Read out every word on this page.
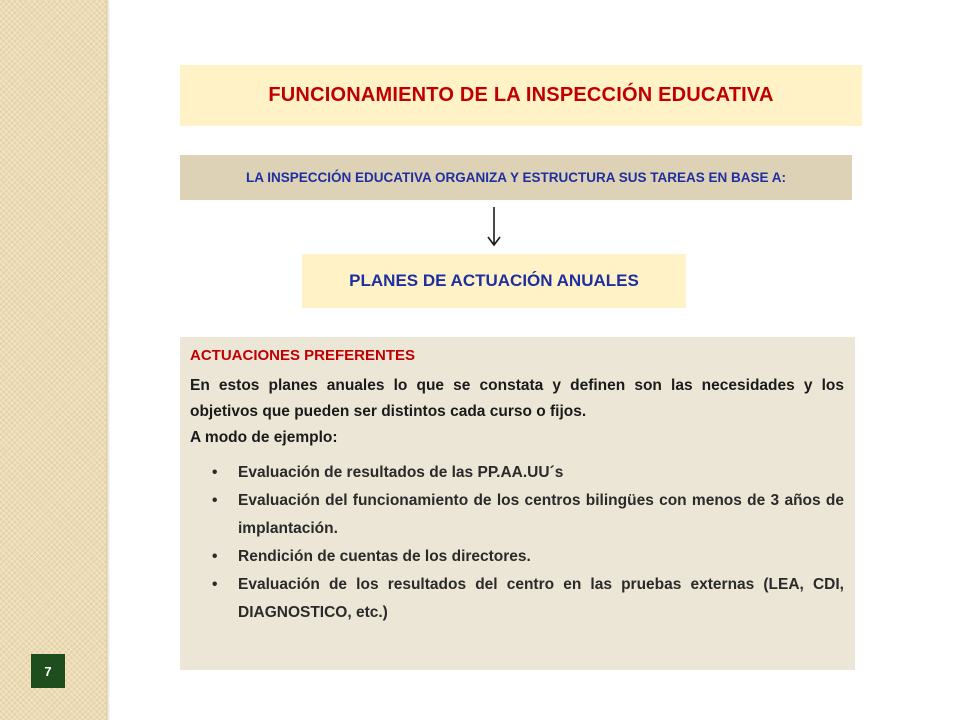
7
FUNCIONAMIENTO DE LA INSPECCIÓN EDUCATIVA
LA INSPECCIÓN EDUCATIVA ORGANIZA Y ESTRUCTURA SUS TAREAS EN BASE A:
PLANES DE ACTUACIÓN ANUALES

ACTUACIONES PREFERENTES

En estos planes anuales lo que se constata y definen son las necesidades y los objetivos que pueden ser distintos cada curso o fijos.

A modo de ejemplo:

• Evaluación de resultados de las PP.AA.UU´s
• Evaluación del funcionamiento de los centros bilingües con menos de 3 años de implantación.
• Rendición de cuentas de los directores.
• Evaluación de los resultados del centro en las pruebas externas (LEA, CDI, DIAGNOSTICO, etc.)
